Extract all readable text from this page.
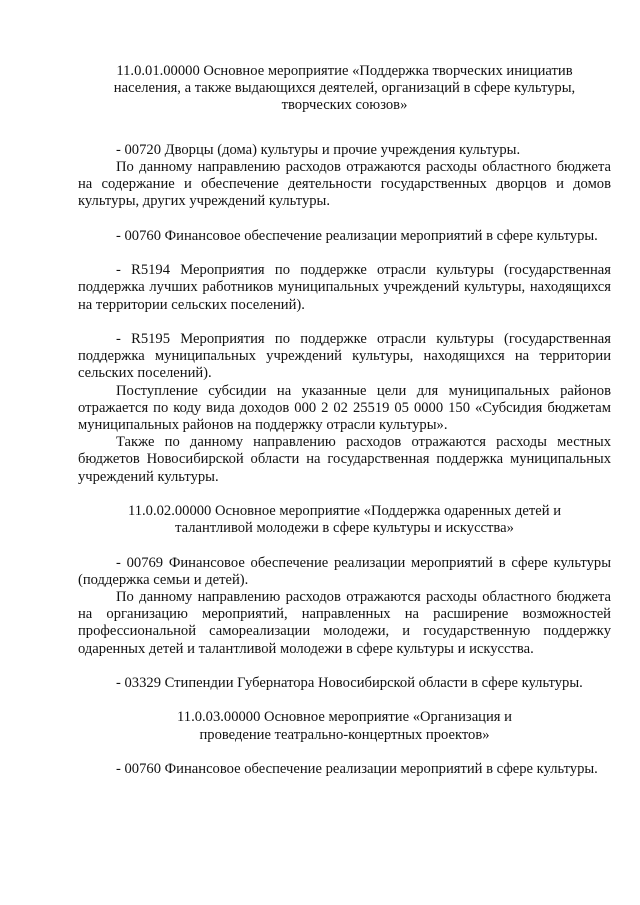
11.0.01.00000 Основное мероприятие «Поддержка творческих инициатив
населения, а также выдающихся деятелей, организаций в сфере культуры,
творческих союзов»

- 00720 Дворцы (дома) культуры и прочие учреждения культуры.

По данному направлению расходов отражаются расходы областного бюджета на содержание и обеспечение деятельности государственных дворцов и домов культуры, других учреждений культуры.

- 00760 Финансовое обеспечение реализации мероприятий в сфере культуры.

- R5194 Мероприятия по поддержке отрасли культуры (государственная поддержка лучших работников муниципальных учреждений культуры, находящихся на территории сельских поселений).

- R5195 Мероприятия по поддержке отрасли культуры (государственная поддержка муниципальных учреждений культуры, находящихся на территории сельских поселений).

Поступление субсидии на указанные цели для муниципальных районов отражается по коду вида доходов 000 2 02 25519 05 0000 150 «Субсидия бюджетам муниципальных районов на поддержку отрасли культуры».

Также по данному направлению расходов отражаются расходы местных бюджетов Новосибирской области на государственная поддержка муниципальных учреждений культуры.

11.0.02.00000 Основное мероприятие «Поддержка одаренных детей и
талантливой молодежи в сфере культуры и искусства»

- 00769 Финансовое обеспечение реализации мероприятий в сфере культуры (поддержка семьи и детей).

По данному направлению расходов отражаются расходы областного бюджета на организацию мероприятий, направленных на расширение возможностей профессиональной самореализации молодежи, и государственную поддержку одаренных детей и талантливой молодежи в сфере культуры и искусства.

- 03329 Стипендии Губернатора Новосибирской области в сфере культуры.

11.0.03.00000 Основное мероприятие «Организация и
проведение театрально-концертных проектов»

- 00760 Финансовое обеспечение реализации мероприятий в сфере культуры.
